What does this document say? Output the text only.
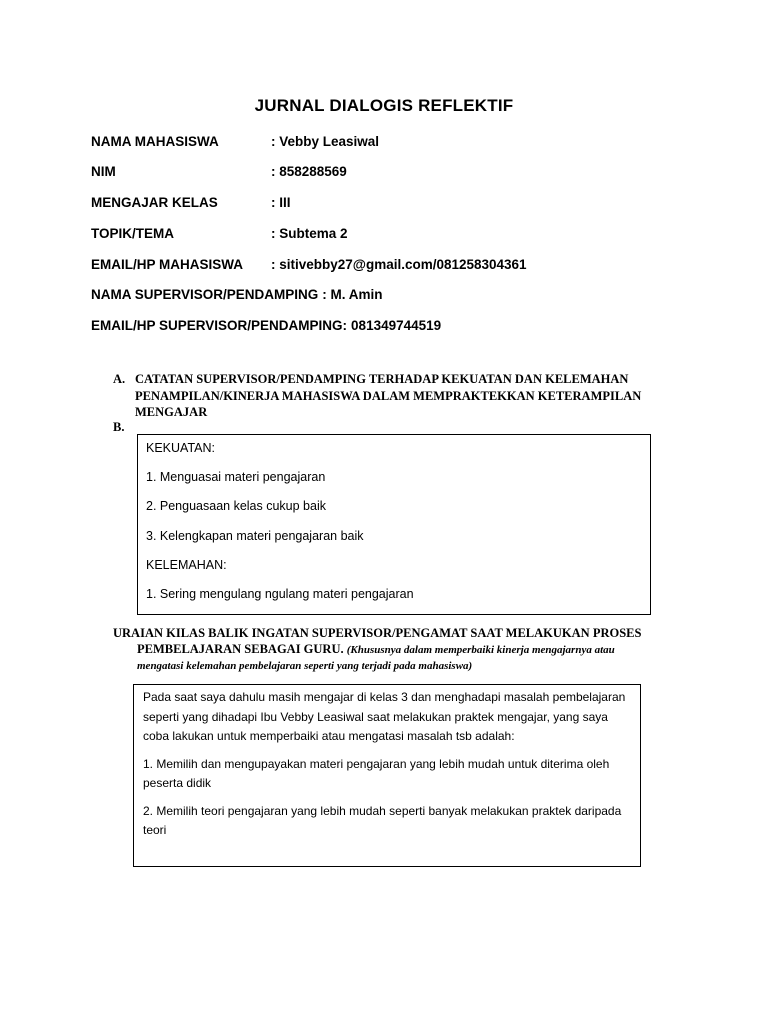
JURNAL DIALOGIS REFLEKTIF
NAMA MAHASISWA	: Vebby Leasiwal
NIM	: 858288569
MENGAJAR KELAS	: III
TOPIK/TEMA	: Subtema 2
EMAIL/HP MAHASISWA : sitivebby27@gmail.com/081258304361
NAMA SUPERVISOR/PENDAMPING : M. Amin
EMAIL/HP SUPERVISOR/PENDAMPING: 081349744519
A. CATATAN SUPERVISOR/PENDAMPING TERHADAP KEKUATAN DAN KELEMAHAN PENAMPILAN/KINERJA MAHASISWA DALAM MEMPRAKTEKKAN KETERAMPILAN MENGAJAR
B.
KEKUATAN:
1. Menguasai materi pengajaran
2. Penguasaan kelas cukup baik
3. Kelengkapan materi pengajaran baik
KELEMAHAN:
1. Sering mengulang ngulang materi pengajaran
URAIAN KILAS BALIK INGATAN SUPERVISOR/PENGAMAT SAAT MELAKUKAN PROSES
PEMBELAJARAN SEBAGAI GURU. (Khususnya dalam memperbaiki kinerja mengajarnya atau
mengatasi kelemahan pembelajaran seperti yang terjadi pada mahasiswa)

Pada saat saya dahulu masih mengajar di kelas 3 dan menghadapi masalah pembelajaran seperti yang dihadapi Ibu Vebby Leasiwal saat melakukan praktek mengajar, yang saya coba lakukan untuk memperbaiki atau mengatasi masalah tsb adalah:

1. Memilih dan mengupayakan materi pengajaran yang lebih mudah untuk diterima oleh peserta didik

2. Memilih teori pengajaran yang lebih mudah seperti banyak melakukan praktek daripada teori
